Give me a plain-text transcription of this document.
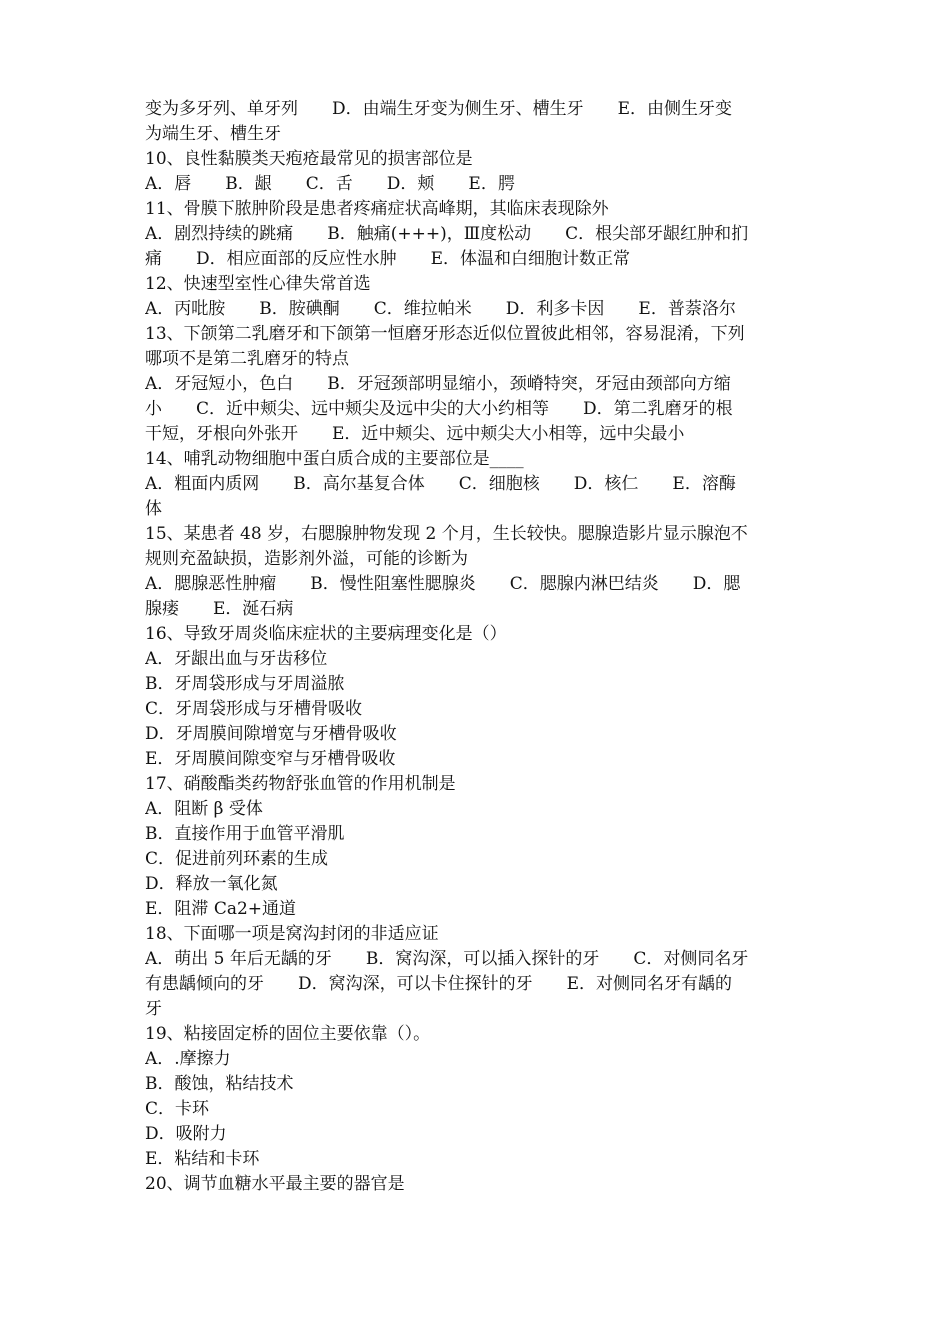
变为多牙列、单牙列　　D．由端生牙变为侧生牙、槽生牙　　E．由侧生牙变
为端生牙、槽生牙
10、良性黏膜类天疱疮最常见的损害部位是
A．唇　　B．龈　　C．舌　　D．颊　　E．腭
11、骨膜下脓肿阶段是患者疼痛症状高峰期，其临床表现除外
A．剧烈持续的跳痛　　B．触痛(+++)，Ⅲ度松动　　C．根尖部牙龈红肿和扪
痛　　D．相应面部的反应性水肿　　E．体温和白细胞计数正常
12、快速型室性心律失常首选
A．丙吡胺　　B．胺碘酮　　C．维拉帕米　　D．利多卡因　　E．普萘洛尔
13、下颌第二乳磨牙和下颌第一恒磨牙形态近似位置彼此相邻，容易混淆，下列
哪项不是第二乳磨牙的特点
A．牙冠短小，色白　　B．牙冠颈部明显缩小，颈嵴特突，牙冠由颈部向方缩
小　　C．近中颊尖、远中颊尖及远中尖的大小约相等　　D．第二乳磨牙的根
干短，牙根向外张开　　E．近中颊尖、远中颊尖大小相等，远中尖最小
14、哺乳动物细胞中蛋白质合成的主要部位是____
A．粗面内质网　　B．高尔基复合体　　C．细胞核　　D．核仁　　E．溶酶
体
15、某患者 48 岁，右腮腺肿物发现 2 个月，生长较快。腮腺造影片显示腺泡不
规则充盈缺损，造影剂外溢，可能的诊断为
A．腮腺恶性肿瘤　　B．慢性阻塞性腮腺炎　　C．腮腺内淋巴结炎　　D．腮
腺瘘　　E．涎石病
16、导致牙周炎临床症状的主要病理变化是（）
A．牙龈出血与牙齿移位
B．牙周袋形成与牙周溢脓
C．牙周袋形成与牙槽骨吸收
D．牙周膜间隙增宽与牙槽骨吸收
E．牙周膜间隙变窄与牙槽骨吸收
17、硝酸酯类药物舒张血管的作用机制是
A．阻断 β 受体
B．直接作用于血管平滑肌
C．促进前列环素的生成
D．释放一氧化氮
E．阻滞 Ca2+通道
18、下面哪一项是窝沟封闭的非适应证
A．萌出 5 年后无龋的牙　　B．窝沟深，可以插入探针的牙　　C．对侧同名牙
有患龋倾向的牙　　D．窝沟深，可以卡住探针的牙　　E．对侧同名牙有龋的
牙
19、粘接固定桥的固位主要依靠（）。
A．.摩擦力
B．酸蚀，粘结技术
C．卡环
D．吸附力
E．粘结和卡环
20、调节血糖水平最主要的器官是
